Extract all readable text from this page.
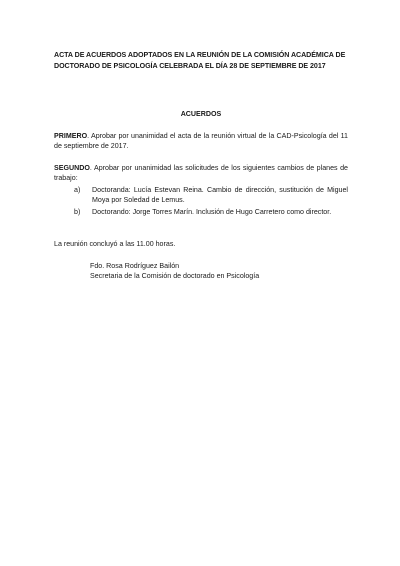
ACTA DE ACUERDOS ADOPTADOS EN LA REUNIÓN DE LA COMISIÓN ACADÉMICA DE

DOCTORADO DE PSICOLOGÍA CELEBRADA EL DÍA 28 DE SEPTIEMBRE DE 2017

ACUERDOS

PRIMERO. Aprobar por unanimidad el acta de la reunión virtual de la CAD-Psicología del 11 de septiembre de 2017.

SEGUNDO. Aprobar por unanimidad las solicitudes de los siguientes cambios de planes de trabajo:
a)	Doctoranda: Lucía Estevan Reina. Cambio de dirección, sustitución de Miguel Moya por Soledad de Lemus.
b)	Doctorando: Jorge Torres Marín. Inclusión de Hugo Carretero como director.

La reunión concluyó a las 11.00 horas.

Fdo. Rosa Rodríguez Bailón
Secretaria de la Comisión de doctorado en Psicología
